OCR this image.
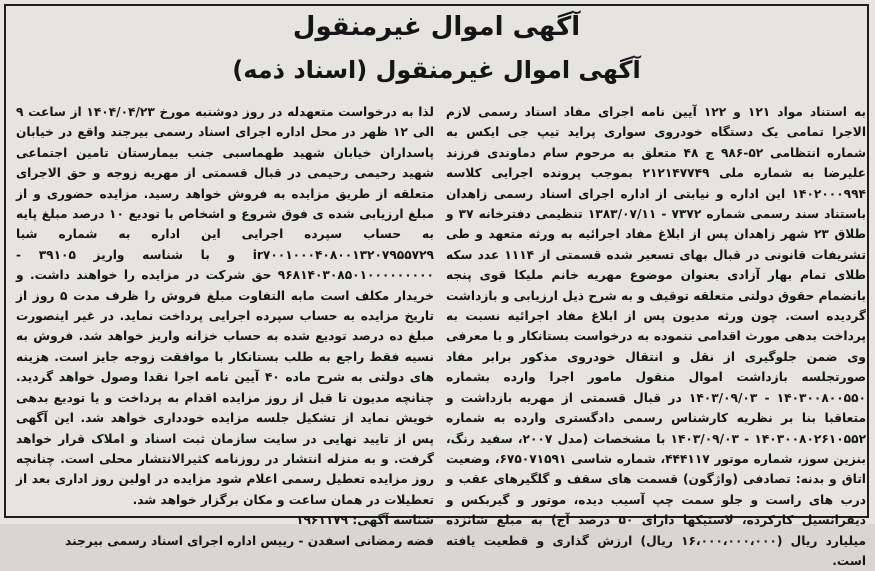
آگهی اموال غیرمنقول
آگهی اموال غیرمنقول (اسناد ذمه)

به استناد مواد ۱۲۱ و ۱۲۲ آیین نامه اجرای مفاد اسناد رسمی لازم الاجرا تمامی یک دستگاه خودروی سواری پراید تیپ جی ایکس به شماره انتظامی ۵۲-۹۸۶ ج ۴۸ متعلق به مرحوم سام دماوندی فرزند علیرضا به شماره ملی ۲۱۲۱۴۷۷۴۹ بموجب پرونده اجرایی کلاسه ۱۴۰۲۰۰۰۹۹۴ این اداره و نیابتی از اداره اجرای اسناد رسمی زاهدان باستناد سند رسمی شماره ۷۳۷۲ - ۱۳۸۳/۰۷/۱۱ تنظیمی دفترخانه ۳۷ و طلاق ۲۳ شهر زاهدان پس از ابلاغ مفاد اجرائیه به ورثه متعهد و طی تشریفات قانونی در قبال بهای تسعیر شده قسمتی از ۱۱۱۴ عدد سکه طلای تمام بهار آزادی بعنوان موضوع مهریه خانم ملیکا قوی پنجه بانضمام حقوق دولتی متعلقه توقیف و به شرح ذیل ارزیابی و بازداشت گردیده است. چون ورثه مدیون پس از ابلاغ مفاد اجرائیه نسبت به پرداخت بدهی مورث اقدامی ننموده به درخواست بستانکار و با معرفی وی ضمن جلوگیری از نقل و انتقال خودروی مذکور برابر مفاد صورتجلسه بازداشت اموال منقول مامور اجرا وارده بشماره ۱۴۰۳۰۰۸۰۰۵۵۰ - ۱۴۰۳/۰۹/۰۳ در قبال قسمتی از مهریه بازداشت و متعاقبا بنا بر نظریه کارشناس رسمی دادگستری وارده به شماره ۱۴۰۳۰۰۸۰۲۶۱۰۵۵۲ - ۱۴۰۳/۰۹/۰۳ با مشخصات (مدل ۲۰۰۷، سفید رنگ، بنزین سوز، شماره موتور ۴۴۴۱۱۷، شماره شاسی ۶۷۵۰۷۱۵۹۱، وضعیت اتاق و بدنه: تصادفی (واژگون) قسمت های سقف و گلگیرهای عقب و درب های راست و جلو سمت چپ آسیب دیده، موتور و گیربکس و دیفرانسیل کارکرده، لاستیکها دارای ۵۰ درصد آج) به مبلغ شانزده میلیارد ریال (۱۶،۰۰۰،۰۰۰،۰۰۰ ریال) ارزش گذاری و قطعیت یافته است.

لذا به درخواست متعهدله در روز دوشنبه مورخ ۱۴۰۴/۰۴/۲۳ از ساعت ۹ الی ۱۲ ظهر در محل اداره اجرای اسناد رسمی بیرجند واقع در خیابان پاسداران خیابان شهید طهماسبی جنب بیمارستان تامین اجتماعی شهید رحیمی رحیمی در قبال قسمتی از مهریه زوجه و حق الاجرای متعلقه از طریق مزایده به فروش خواهد رسید. مزایده حضوری و از مبلغ ارزیابی شده ی فوق شروع و اشخاص با تودیع ۱۰ درصد مبلغ پایه به حساب سپرده اجرایی این اداره به شماره شبا ir۷۰۰۱۰۰۰۴۰۸۰۰۱۳۲۰۷۹۵۵۷۲۹ و با شناسه واریز ۳۹۱۰۵ - ۹۶۸۱۴۰۳۰۸۵۰۱۰۰۰۰۰۰۰۰۰ حق شرکت در مزایده را خواهند داشت. و خریدار مکلف است مابه التفاوت مبلغ فروش را ظرف مدت ۵ روز از تاریخ مزایده به حساب سپرده اجرایی پرداخت نماید. در غیر اینصورت مبلغ ده درصد تودیع شده به حساب خزانه واریز خواهد شد. فروش به نسیه فقط راجع به طلب بستانکار با موافقت زوجه جایز است. هزینه های دولتی به شرح ماده ۴۰ آیین نامه اجرا نقدا وصول خواهد گردید. چنانچه مدیون تا قبل از روز مزایده اقدام به پرداخت و یا تودیع بدهی خویش نماید از تشکیل جلسه مزایده خودداری خواهد شد. این آگهی پس از تایید نهایی در سایت سازمان ثبت اسناد و املاک قرار خواهد گرفت. و به منزله انتشار در روزنامه کثیرالانتشار محلی است. چنانچه روز مزایده تعطیل رسمی اعلام شود مزایده در اولین روز اداری بعد از تعطیلات در همان ساعت و مکان برگزار خواهد شد.

شناسه آگهی: ۱۹۶۱۱۷۹

فضه رمضانی اسفدن - رییس اداره اجرای اسناد رسمی بیرجند
